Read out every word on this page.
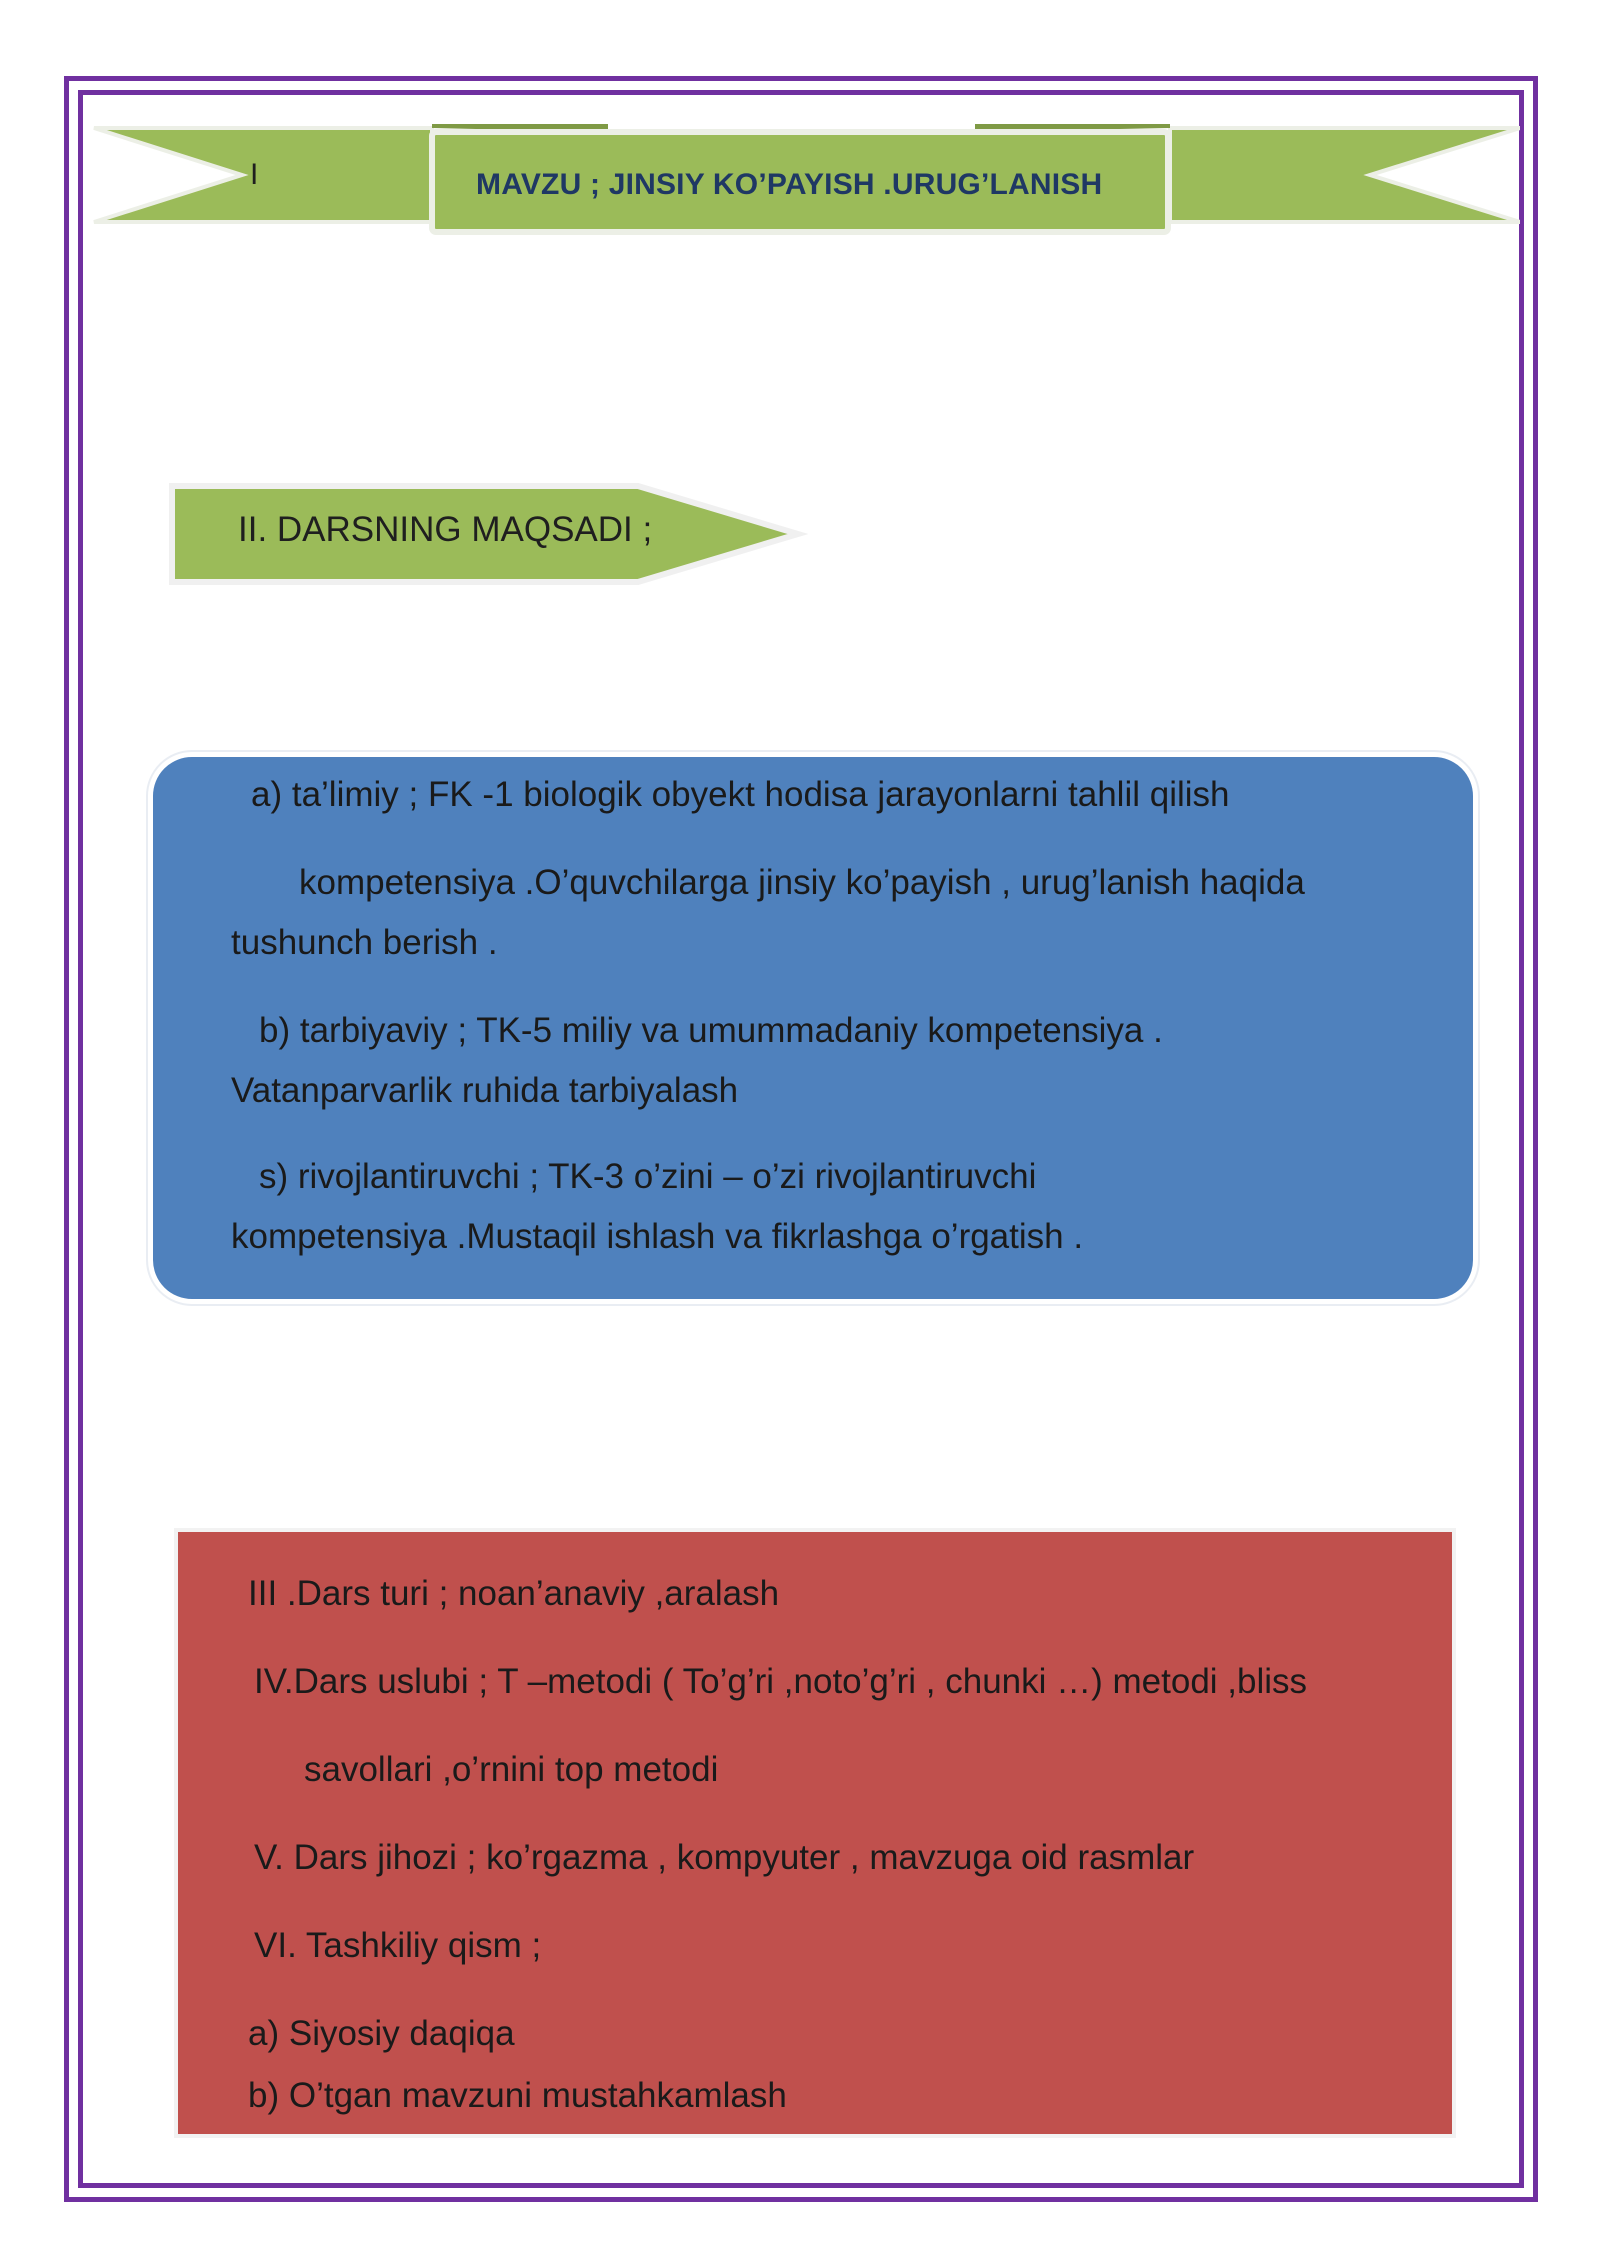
I	MAVZU ; JINSIY KO’PAYISH .URUG’LANISH
II. DARSNING MAQSADI ;

a) ta’limiy ; FK -1 biologik obyekt hodisa jarayonlarni tahlil qilish

kompetensiya .O’quvchilarga jinsiy ko’payish , urug’lanish haqida

tushunch berish .

b) tarbiyaviy ; TK-5 miliy va umummadaniy kompetensiya .

Vatanparvarlik ruhida tarbiyalash

s) rivojlantiruvchi ; TK-3 o’zini – o’zi rivojlantiruvchi

kompetensiya .Mustaqil ishlash va fikrlashga o’rgatish .

III .Dars turi ; noan’anaviy ,aralash

IV.Dars uslubi ; T –metodi ( To’g’ri ,noto’g’ri , chunki …) metodi ,bliss

savollari ,o’rnini top metodi

V. Dars jihozi ; ko’rgazma , kompyuter , mavzuga oid rasmlar

VI. Tashkiliy qism ;

a) Siyosiy daqiqa

b) O’tgan mavzuni mustahkamlash
